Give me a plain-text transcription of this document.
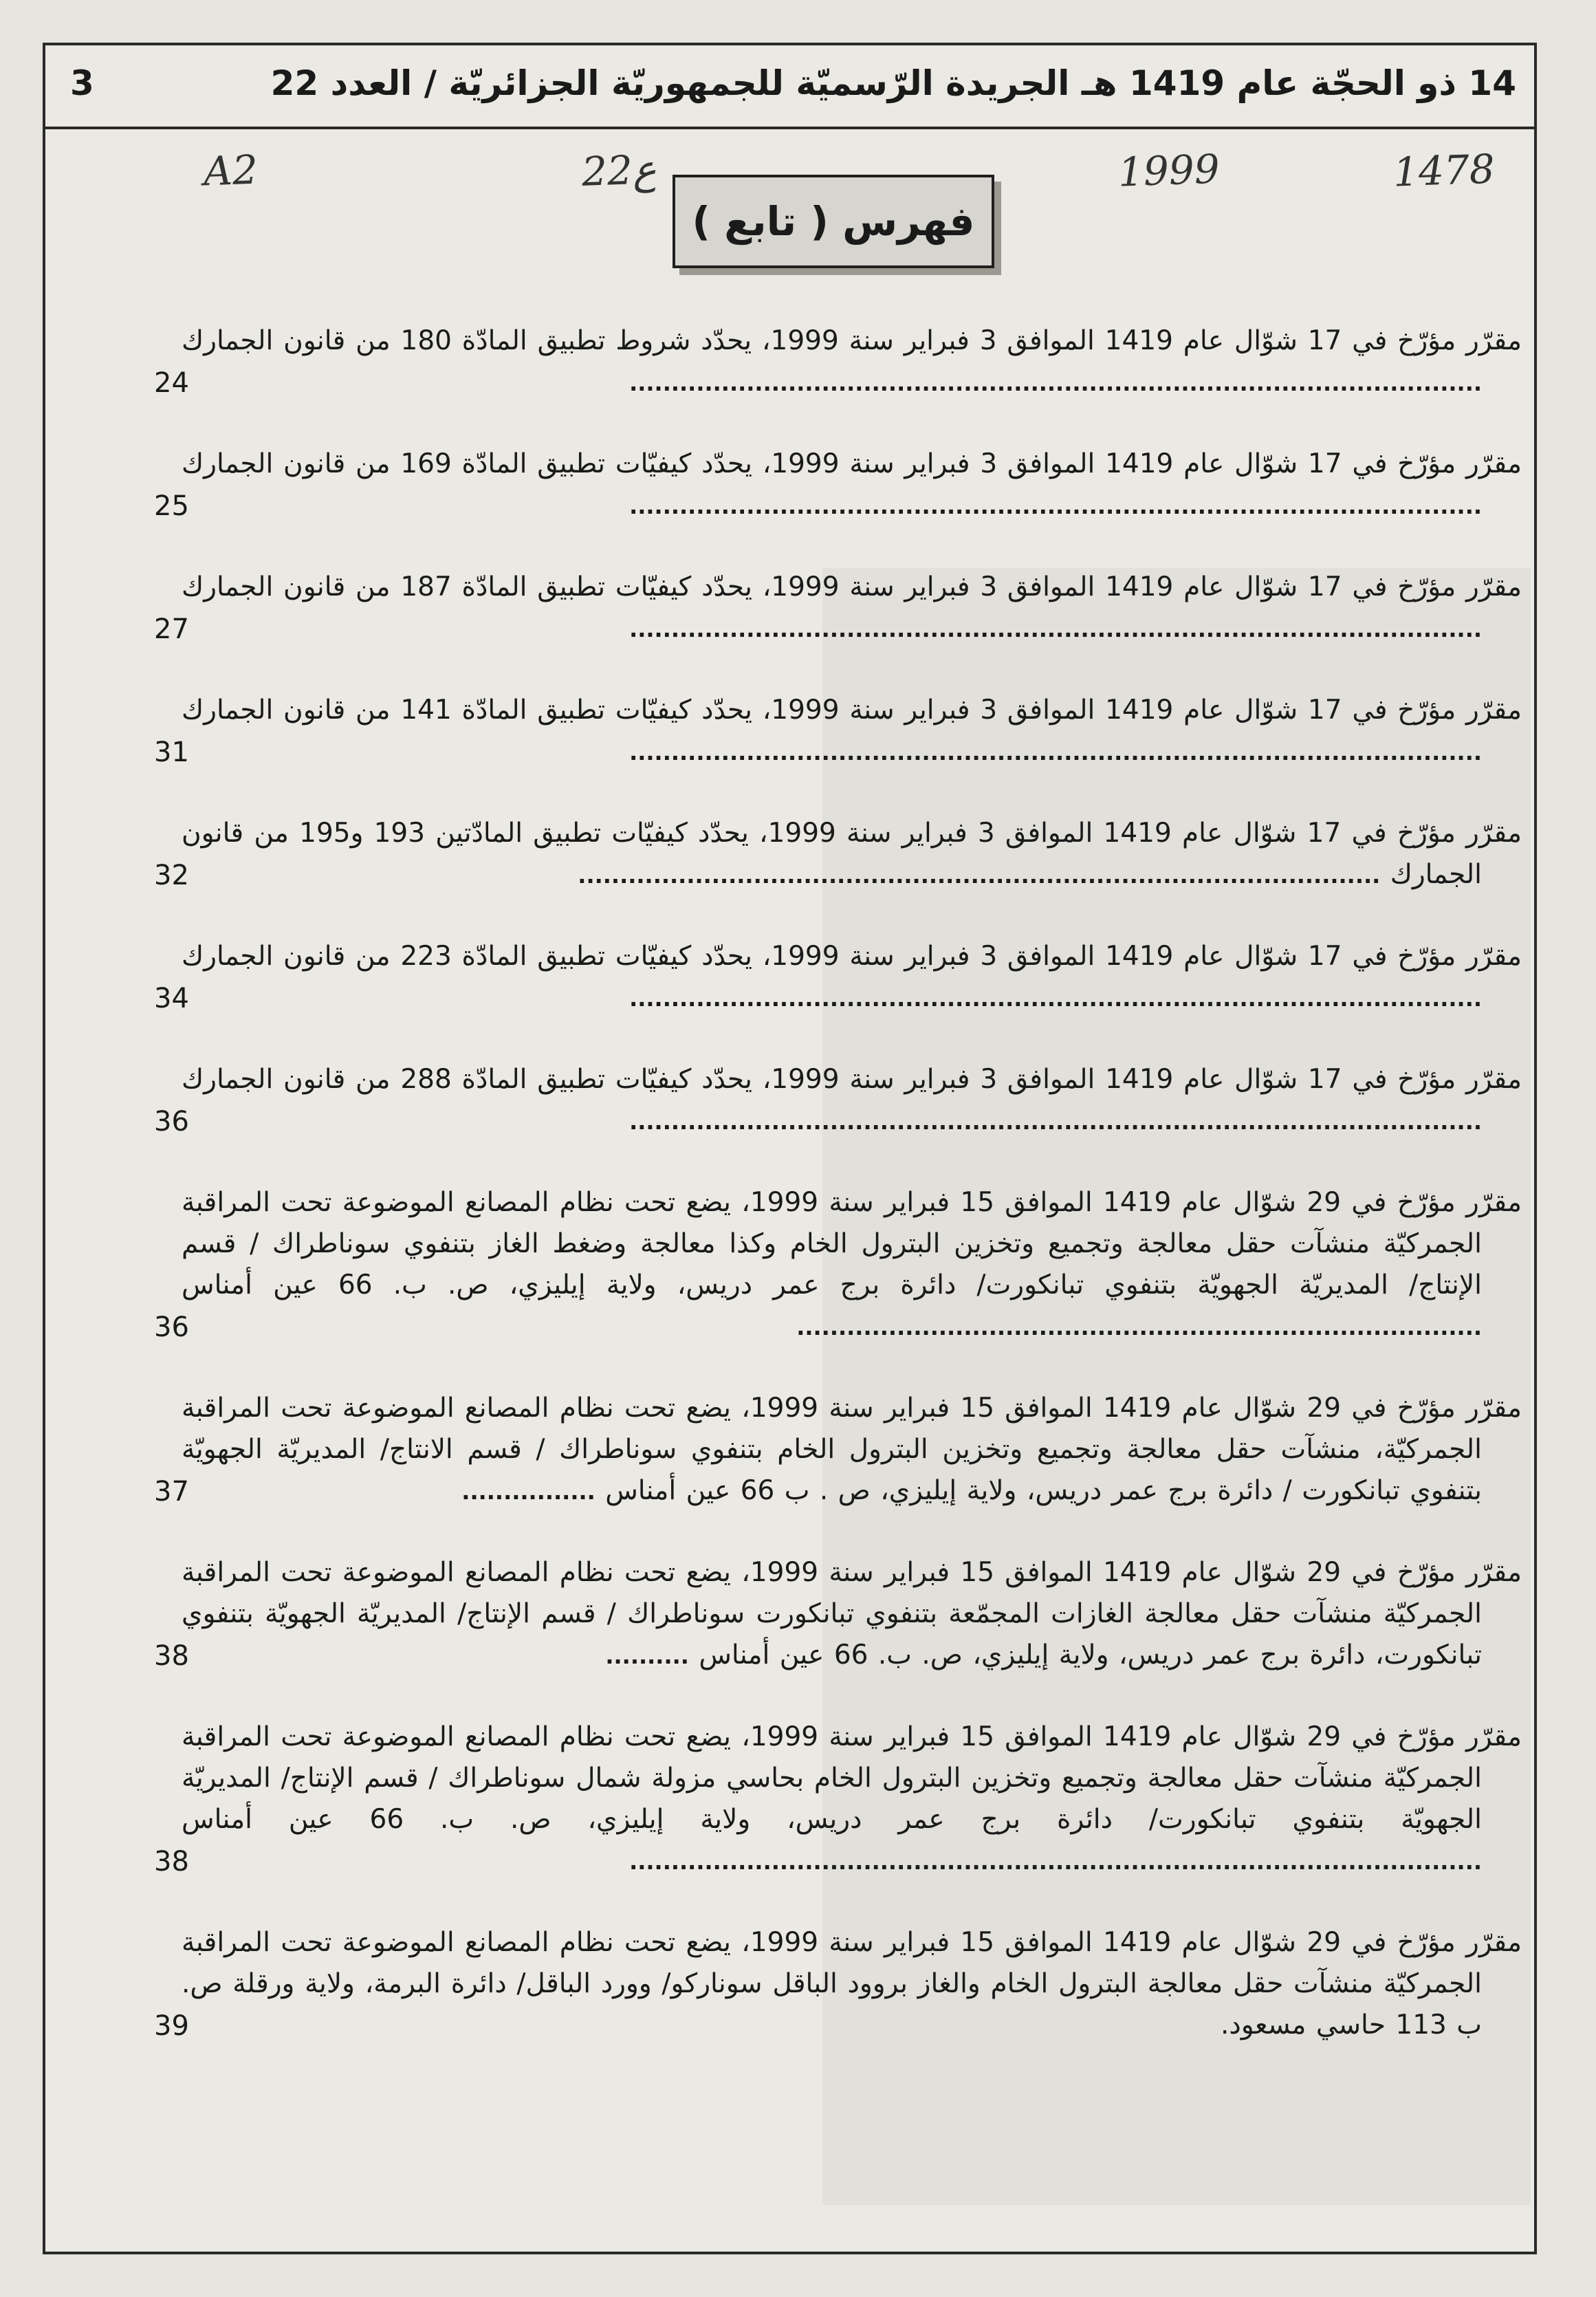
14 ذو الحجّة عام 1419 هـ الجريدة الرّسميّة للجمهوريّة الجزائريّة / العدد 22
3
A2	22ع	1999	1478
فهرس ( تابع )
مقرّر مؤرّخ في 17 شوّال عام 1419 الموافق 3 فبراير سنة 1999، يحدّد شروط تطبيق المادّة 180 من قانون الجمارك ......................................................................................................
24
مقرّر مؤرّخ في 17 شوّال عام 1419 الموافق 3 فبراير سنة 1999، يحدّد كيفيّات تطبيق المادّة 169 من قانون الجمارك ......................................................................................................
25
مقرّر مؤرّخ في 17 شوّال عام 1419 الموافق 3 فبراير سنة 1999، يحدّد كيفيّات تطبيق المادّة 187 من قانون الجمارك ......................................................................................................
27
مقرّر مؤرّخ في 17 شوّال عام 1419 الموافق 3 فبراير سنة 1999، يحدّد كيفيّات تطبيق المادّة 141 من قانون الجمارك ......................................................................................................
31
مقرّر مؤرّخ في 17 شوّال عام 1419 الموافق 3 فبراير سنة 1999، يحدّد كيفيّات تطبيق المادّتين 193 و195 من قانون الجمارك ................................................................................................
32
مقرّر مؤرّخ في 17 شوّال عام 1419 الموافق 3 فبراير سنة 1999، يحدّد كيفيّات تطبيق المادّة 223 من قانون الجمارك ......................................................................................................
34
مقرّر مؤرّخ في 17 شوّال عام 1419 الموافق 3 فبراير سنة 1999، يحدّد كيفيّات تطبيق المادّة 288 من قانون الجمارك ......................................................................................................
36
مقرّر مؤرّخ في 29 شوّال عام 1419 الموافق 15 فبراير سنة 1999، يضع تحت نظام المصانع الموضوعة تحت المراقبة الجمركيّة منشآت حقل معالجة وتجميع وتخزين البترول الخام وكذا معالجة وضغط الغاز بتنفوي سوناطراك / قسم الإنتاج/ المديريّة الجهويّة بتنفوي تبانكورت/ دائرة برج عمر دريس، ولاية إيليزي، ص. ب. 66 عين أمناس ..................................................................................
36
مقرّر مؤرّخ في 29 شوّال عام 1419 الموافق 15 فبراير سنة 1999، يضع تحت نظام المصانع الموضوعة تحت المراقبة الجمركيّة، منشآت حقل معالجة وتجميع وتخزين البترول الخام بتنفوي سوناطراك / قسم الانتاج/ المديريّة الجهويّة بتنفوي تبانكورت / دائرة برج عمر دريس، ولاية إيليزي، ص . ب 66 عين أمناس ................
37
مقرّر مؤرّخ في 29 شوّال عام 1419 الموافق 15 فبراير سنة 1999، يضع تحت نظام المصانع الموضوعة تحت المراقبة الجمركيّة منشآت حقل معالجة الغازات المجمّعة بتنفوي تبانكورت سوناطراك / قسم الإنتاج/ المديريّة الجهويّة بتنفوي تبانكورت، دائرة برج عمر دريس، ولاية إيليزي، ص. ب. 66 عين أمناس ..........
38
مقرّر مؤرّخ في 29 شوّال عام 1419 الموافق 15 فبراير سنة 1999، يضع تحت نظام المصانع الموضوعة تحت المراقبة الجمركيّة منشآت حقل معالجة وتجميع وتخزين البترول الخام بحاسي مزولة شمال سوناطراك / قسم الإنتاج/ المديريّة الجهويّة بتنفوي تبانكورت/ دائرة برج عمر دريس، ولاية إيليزي، ص. ب. 66 عين أمناس ......................................................................................................
38
مقرّر مؤرّخ في 29 شوّال عام 1419 الموافق 15 فبراير سنة 1999، يضع تحت نظام المصانع الموضوعة تحت المراقبة الجمركيّة منشآت حقل معالجة البترول الخام والغاز بروود الباقل سوناركو/ وورد الباقل/ دائرة البرمة، ولاية ورقلة ص. ب 113 حاسي مسعود.
39
